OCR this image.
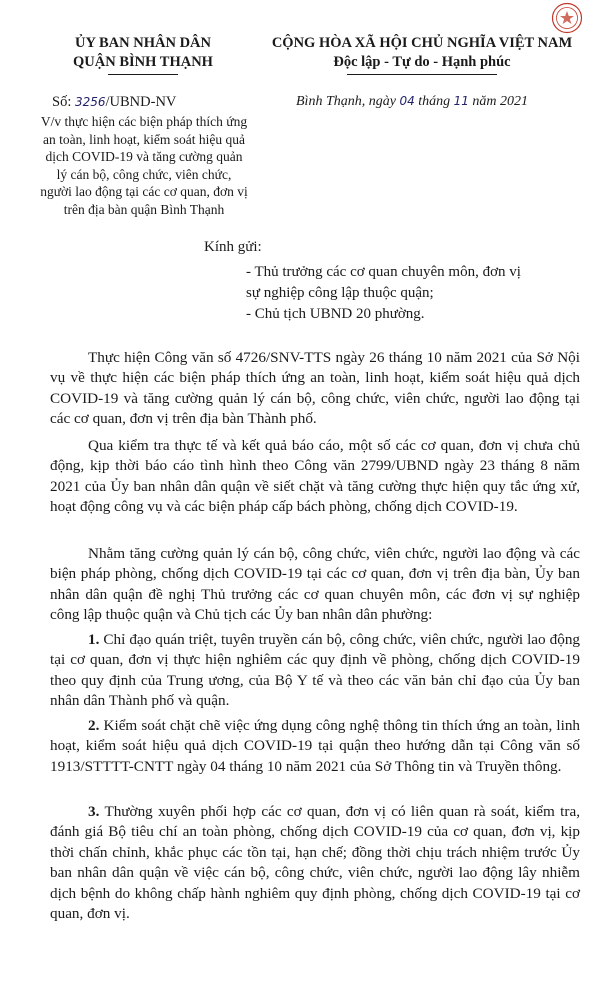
ỦY BAN NHÂN DÂN
QUẬN BÌNH THẠNH
CỘNG HÒA XÃ HỘI CHỦ NGHĨA VIỆT NAM
Độc lập - Tự do - Hạnh phúc
Số: 3256/UBND-NV	Bình Thạnh, ngày 04 tháng 11 năm 2021
V/v thực hiện các biện pháp thích ứng
an toàn, linh hoạt, kiểm soát hiệu quả
dịch COVID-19 và tăng cường quản
lý cán bộ, công chức, viên chức,
người lao động tại các cơ quan, đơn vị
trên địa bàn quận Bình Thạnh
Kính gửi:
- Thủ trưởng các cơ quan chuyên môn, đơn vị
sự nghiệp công lập thuộc quận;
- Chủ tịch UBND 20 phường.
Thực hiện Công văn số 4726/SNV-TTS ngày 26 tháng 10 năm 2021 của Sở Nội vụ về thực hiện các biện pháp thích ứng an toàn, linh hoạt, kiểm soát hiệu quả dịch COVID-19 và tăng cường quản lý cán bộ, công chức, viên chức, người lao động tại các cơ quan, đơn vị trên địa bàn Thành phố.
Qua kiểm tra thực tế và kết quả báo cáo, một số các cơ quan, đơn vị chưa chủ động, kịp thời báo cáo tình hình theo Công văn 2799/UBND ngày 23 tháng 8 năm 2021 của Ủy ban nhân dân quận về siết chặt và tăng cường thực hiện quy tắc ứng xử, hoạt động công vụ và các biện pháp cấp bách phòng, chống dịch COVID-19.
Nhằm tăng cường quản lý cán bộ, công chức, viên chức, người lao động và các biện pháp phòng, chống dịch COVID-19 tại các cơ quan, đơn vị trên địa bàn, Ủy ban nhân dân quận đề nghị Thủ trưởng các cơ quan chuyên môn, các đơn vị sự nghiệp công lập thuộc quận và Chủ tịch các Ủy ban nhân dân phường:
1. Chỉ đạo quán triệt, tuyên truyền cán bộ, công chức, viên chức, người lao động tại cơ quan, đơn vị thực hiện nghiêm các quy định về phòng, chống dịch COVID-19 theo quy định của Trung ương, của Bộ Y tế và theo các văn bản chỉ đạo của Ủy ban nhân dân Thành phố và quận.
2. Kiểm soát chặt chẽ việc ứng dụng công nghệ thông tin thích ứng an toàn, linh hoạt, kiểm soát hiệu quả dịch COVID-19 tại quận theo hướng dẫn tại Công văn số 1913/STTTT-CNTT ngày 04 tháng 10 năm 2021 của Sở Thông tin và Truyền thông.
3. Thường xuyên phối hợp các cơ quan, đơn vị có liên quan rà soát, kiểm tra, đánh giá Bộ tiêu chí an toàn phòng, chống dịch COVID-19 của cơ quan, đơn vị, kịp thời chấn chỉnh, khắc phục các tồn tại, hạn chế; đồng thời chịu trách nhiệm trước Ủy ban nhân dân quận về việc cán bộ, công chức, viên chức, người lao động lây nhiễm dịch bệnh do không chấp hành nghiêm quy định phòng, chống dịch COVID-19 tại cơ quan, đơn vị.
